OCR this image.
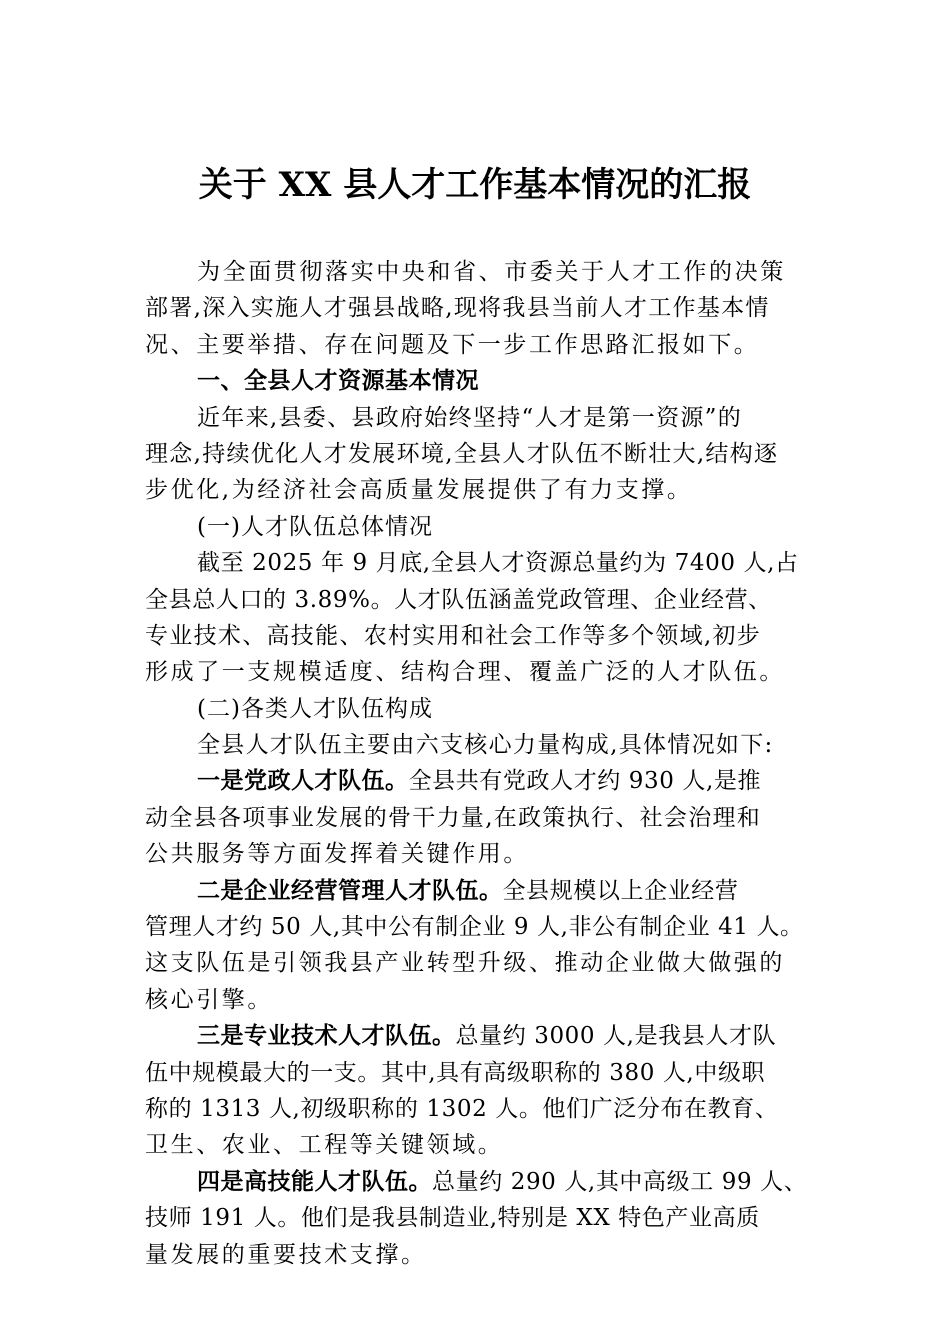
关于 XX 县人才工作基本情况的汇报
为全面贯彻落实中央和省、市委关于人才工作的决策
部署,深入实施人才强县战略,现将我县当前人才工作基本情
况、主要举措、存在问题及下一步工作思路汇报如下。
一、全县人才资源基本情况
近年来,县委、县政府始终坚持“人才是第一资源”的
理念,持续优化人才发展环境,全县人才队伍不断壮大,结构逐
步优化,为经济社会高质量发展提供了有力支撑。
(一)人才队伍总体情况
截至 2025 年 9 月底,全县人才资源总量约为 7400 人,占
全县总人口的 3.89%。人才队伍涵盖党政管理、企业经营、
专业技术、高技能、农村实用和社会工作等多个领域,初步
形成了一支规模适度、结构合理、覆盖广泛的人才队伍。
(二)各类人才队伍构成
全县人才队伍主要由六支核心力量构成,具体情况如下:
一是党政人才队伍。全县共有党政人才约 930 人,是推
动全县各项事业发展的骨干力量,在政策执行、社会治理和
公共服务等方面发挥着关键作用。
二是企业经营管理人才队伍。全县规模以上企业经营
管理人才约 50 人,其中公有制企业 9 人,非公有制企业 41 人。
这支队伍是引领我县产业转型升级、推动企业做大做强的
核心引擎。
三是专业技术人才队伍。总量约 3000 人,是我县人才队
伍中规模最大的一支。其中,具有高级职称的 380 人,中级职
称的 1313 人,初级职称的 1302 人。他们广泛分布在教育、
卫生、农业、工程等关键领域。
四是高技能人才队伍。总量约 290 人,其中高级工 99 人、
技师 191 人。他们是我县制造业,特别是 XX 特色产业高质
量发展的重要技术支撑。
